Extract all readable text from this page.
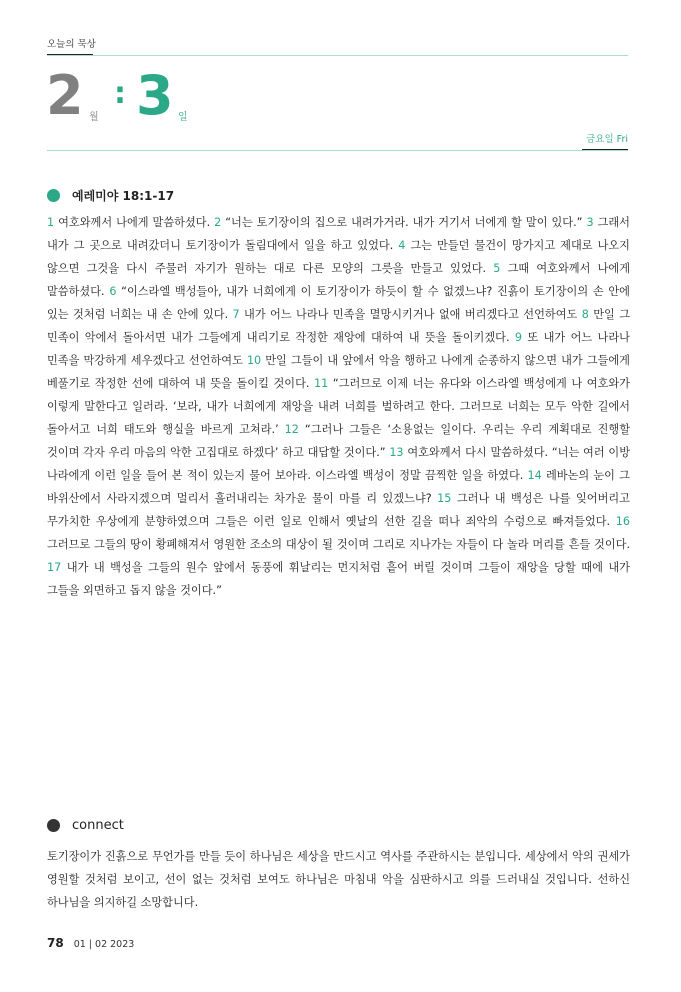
오늘의 묵상
2 월
: 3 일
금요일 Fri
예레미야 18:1-17
1 여호와께서 나에게 말씀하셨다. 2 “너는 토기장이의 집으로 내려가거라. 내가 거기서 너에게 할 말이 있다.” 3 그래서 내가 그 곳으로 내려갔더니 토기장이가 돌림대에서 일을 하고 있었다. 4 그는 만들던 물건이 망가지고 제대로 나오지 않으면 그것을 다시 주물러 자기가 원하는 대로 다른 모양의 그릇을 만들고 있었다. 5 그때 여호와께서 나에게 말씀하셨다. 6 “이스라엘 백성들아, 내가 너희에게 이 토기장이가 하듯이 할 수 없겠느냐? 진흙이 토기장이의 손 안에 있는 것처럼 너희는 내 손 안에 있다. 7 내가 어느 나라나 민족을 멸망시키거나 없애 버리겠다고 선언하여도 8 만일 그 민족이 악에서 돌아서면 내가 그들에게 내리기로 작정한 재앙에 대하여 내 뜻을 돌이키겠다. 9 또 내가 어느 나라나 민족을 막강하게 세우겠다고 선언하여도 10 만일 그들이 내 앞에서 악을 행하고 나에게 순종하지 않으면 내가 그들에게 베풀기로 작정한 선에 대하여 내 뜻을 돌이킬 것이다. 11 “그러므로 이제 너는 유다와 이스라엘 백성에게 나 여호와가 이렇게 말한다고 일러라. ‘보라, 내가 너희에게 재앙을 내려 너희를 벌하려고 한다. 그러므로 너희는 모두 악한 길에서 돌아서고 너희 태도와 행실을 바르게 고쳐라.’ 12 “그러나 그들은 ‘소용없는 일이다. 우리는 우리 계획대로 진행할 것이며 각자 우리 마음의 악한 고집대로 하겠다’ 하고 대답할 것이다.” 13 여호와께서 다시 말씀하셨다. “너는 여러 이방 나라에게 이런 일을 들어 본 적이 있는지 물어 보아라. 이스라엘 백성이 정말 끔찍한 일을 하였다. 14 레바논의 눈이 그 바위산에서 사라지겠으며 멀리서 흘러내리는 차가운 물이 마를 리 있겠느냐? 15 그러나 내 백성은 나를 잊어버리고 무가치한 우상에게 분향하였으며 그들은 이런 일로 인해서 옛날의 선한 길을 떠나 죄악의 수렁으로 빠져들었다. 16 그러므로 그들의 땅이 황폐해져서 영원한 조소의 대상이 될 것이며 그리로 지나가는 자들이 다 놀라 머리를 흔들 것이다. 17 내가 내 백성을 그들의 원수 앞에서 동풍에 휘날리는 먼지처럼 흩어 버릴 것이며 그들이 재앙을 당할 때에 내가 그들을 외면하고 돕지 않을 것이다.”
connect
토기장이가 진흙으로 무언가를 만들 듯이 하나님은 세상을 만드시고 역사를 주관하시는 분입니다. 세상에서 악의 권세가 영원할 것처럼 보이고, 선이 없는 것처럼 보여도 하나님은 마침내 악을 심판하시고 의를 드러내실 것입니다. 선하신 하나님을 의지하길 소망합니다.
78 01 | 02 2023
